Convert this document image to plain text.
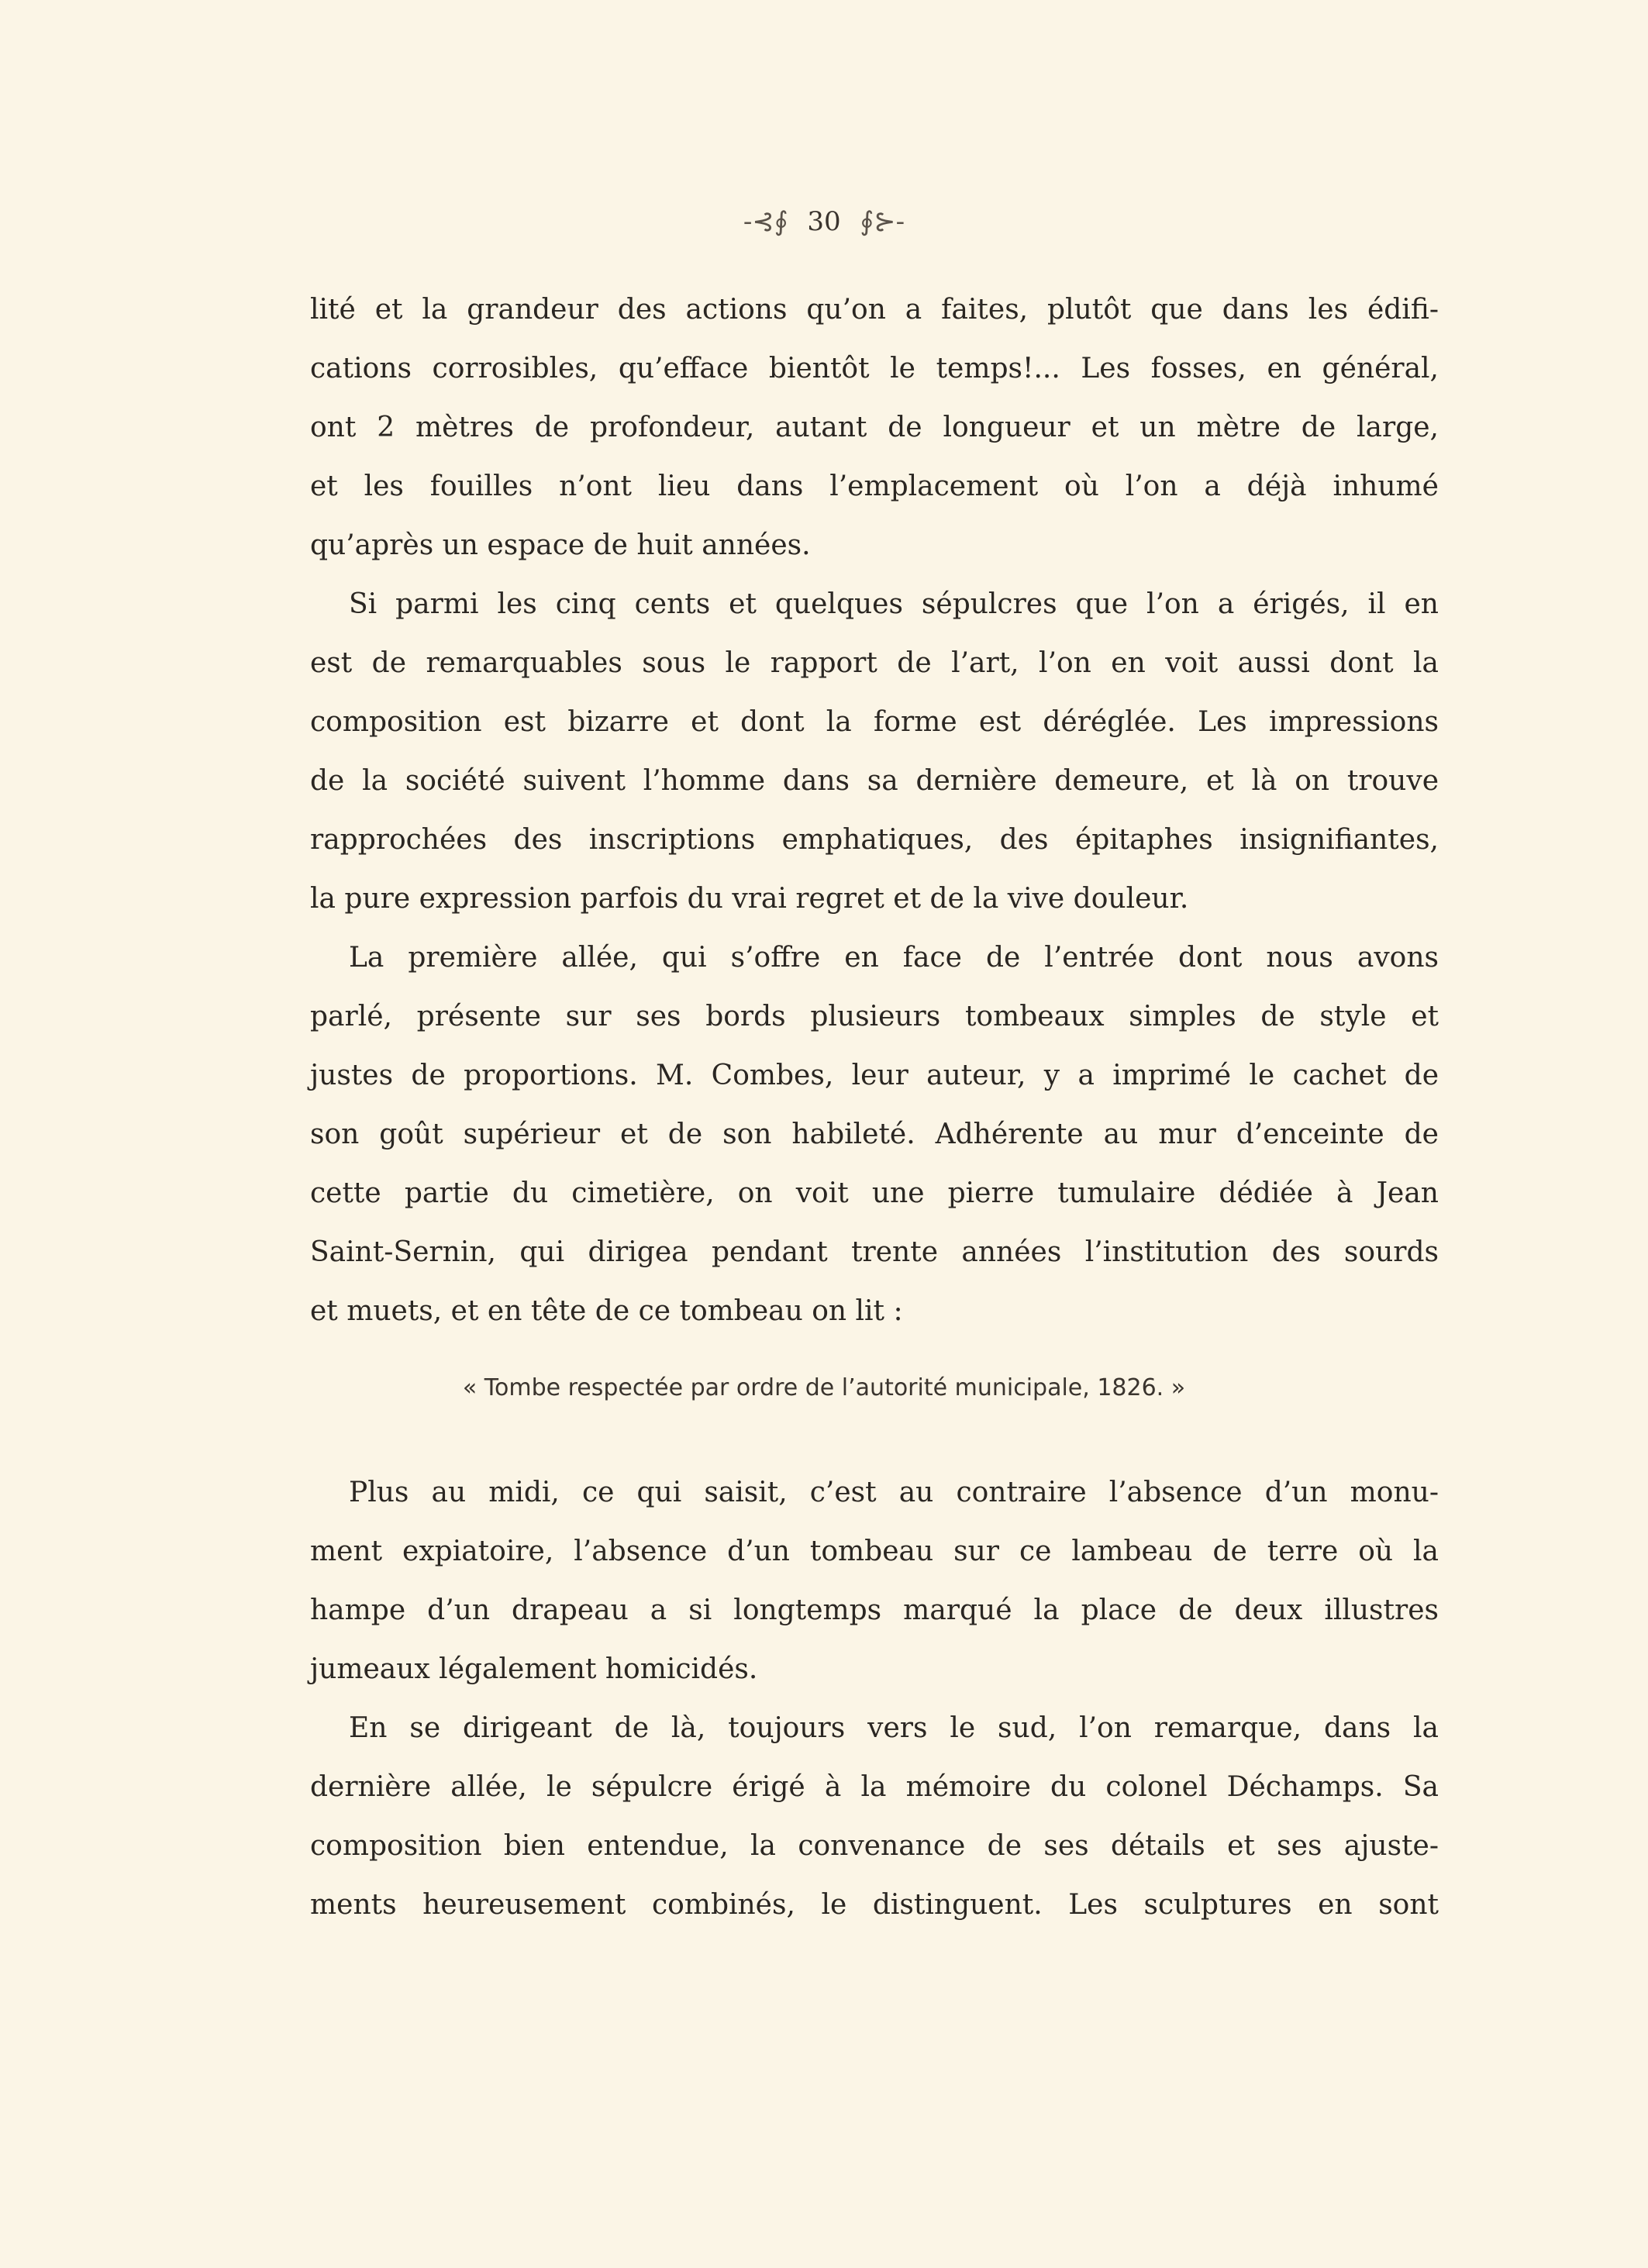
-⊰∮ 30 ∮⊱-
lité et la grandeur des actions qu’on a faites, plutôt que dans les édifi-
cations corrosibles, qu’efface bientôt le temps!... Les fosses, en général,
ont 2 mètres de profondeur, autant de longueur et un mètre de large,
et les fouilles n’ont lieu dans l’emplacement où l’on a déjà inhumé
qu’après un espace de huit années.
Si parmi les cinq cents et quelques sépulcres que l’on a érigés, il en
est de remarquables sous le rapport de l’art, l’on en voit aussi dont la
composition est bizarre et dont la forme est déréglée. Les impressions
de la société suivent l’homme dans sa dernière demeure, et là on trouve
rapprochées des inscriptions emphatiques, des épitaphes insignifiantes,
la pure expression parfois du vrai regret et de la vive douleur.
La première allée, qui s’offre en face de l’entrée dont nous avons
parlé, présente sur ses bords plusieurs tombeaux simples de style et
justes de proportions. M. Combes, leur auteur, y a imprimé le cachet de
son goût supérieur et de son habileté. Adhérente au mur d’enceinte de
cette partie du cimetière, on voit une pierre tumulaire dédiée à Jean
Saint-Sernin, qui dirigea pendant trente années l’institution des sourds
et muets, et en tête de ce tombeau on lit :
« Tombe respectée par ordre de l’autorité municipale, 1826. »
Plus au midi, ce qui saisit, c’est au contraire l’absence d’un monu-
ment expiatoire, l’absence d’un tombeau sur ce lambeau de terre où la
hampe d’un drapeau a si longtemps marqué la place de deux illustres
jumeaux légalement homicidés.
En se dirigeant de là, toujours vers le sud, l’on remarque, dans la
dernière allée, le sépulcre érigé à la mémoire du colonel Déchamps. Sa
composition bien entendue, la convenance de ses détails et ses ajuste-
ments heureusement combinés, le distinguent. Les sculptures en sont
